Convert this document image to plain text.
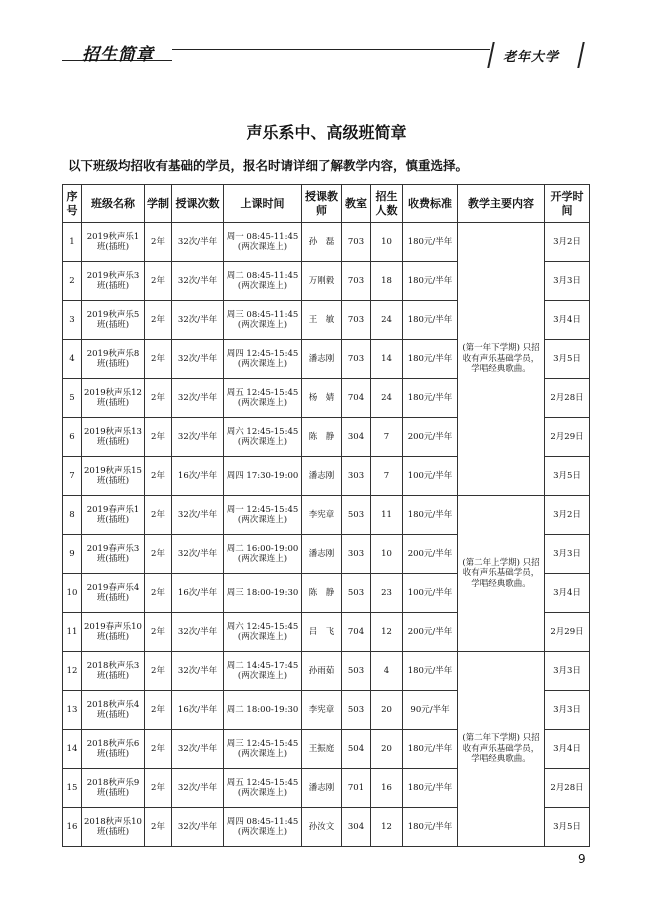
招生简章	老年大学
声乐系中、高级班简章
以下班级均招收有基础的学员，报名时请详细了解教学内容，慎重选择。
序号	班级名称	学制	授课次数	上课时间	授课教师	教室	招生人数	收费标准	教学主要内容	开学时间
1	2019秋声乐1班(插班)	2年	32次/半年	周一 08:45-11:45 (两次课连上)	孙　磊	703	10	180元/半年	(第一年下学期) 只招收有声乐基础学员，学唱经典歌曲。	3月2日
2	2019秋声乐3班(插班)	2年	32次/半年	周二 08:45-11:45 (两次课连上)	万刚毅	703	18	180元/半年		3月3日
3	2019秋声乐5班(插班)	2年	32次/半年	周三 08:45-11:45 (两次课连上)	王　敏	703	24	180元/半年		3月4日
4	2019秋声乐8班(插班)	2年	32次/半年	周四 12:45-15:45 (两次课连上)	潘志刚	703	14	180元/半年		3月5日
5	2019秋声乐12班(插班)	2年	32次/半年	周五 12:45-15:45 (两次课连上)	杨　婧	704	24	180元/半年		2月28日
6	2019秋声乐13班(插班)	2年	32次/半年	周六 12:45-15:45 (两次课连上)	陈　静	304	7	200元/半年		2月29日
7	2019秋声乐15班(插班)	2年	16次/半年	周四 17:30-19:00	潘志刚	303	7	100元/半年		3月5日
8	2019春声乐1班(插班)	2年	32次/半年	周一 12:45-15:45 (两次课连上)	李宪章	503	11	180元/半年	(第二年上学期) 只招收有声乐基础学员，学唱经典歌曲。	3月2日
9	2019春声乐3班(插班)	2年	32次/半年	周二 16:00-19:00 (两次课连上)	潘志刚	303	10	200元/半年		3月3日
10	2019春声乐4班(插班)	2年	16次/半年	周三 18:00-19:30	陈　静	503	23	100元/半年		3月4日
11	2019春声乐10班(插班)	2年	32次/半年	周六 12:45-15:45 (两次课连上)	吕　飞	704	12	200元/半年		2月29日
12	2018秋声乐3班(插班)	2年	32次/半年	周二 14:45-17:45 (两次课连上)	孙雨茹	503	4	180元/半年	(第二年下学期) 只招收有声乐基础学员，学唱经典歌曲。	3月3日
13	2018秋声乐4班(插班)	2年	16次/半年	周二 18:00-19:30	李宪章	503	20	90元/半年		3月3日
14	2018秋声乐6班(插班)	2年	32次/半年	周三 12:45-15:45 (两次课连上)	王振庭	504	20	180元/半年		3月4日
15	2018秋声乐9班(插班)	2年	32次/半年	周五 12:45-15:45 (两次课连上)	潘志刚	701	16	180元/半年		2月28日
16	2018秋声乐10班(插班)	2年	32次/半年	周四 08:45-11:45 (两次课连上)	孙汝文	304	12	180元/半年		3月5日
9
